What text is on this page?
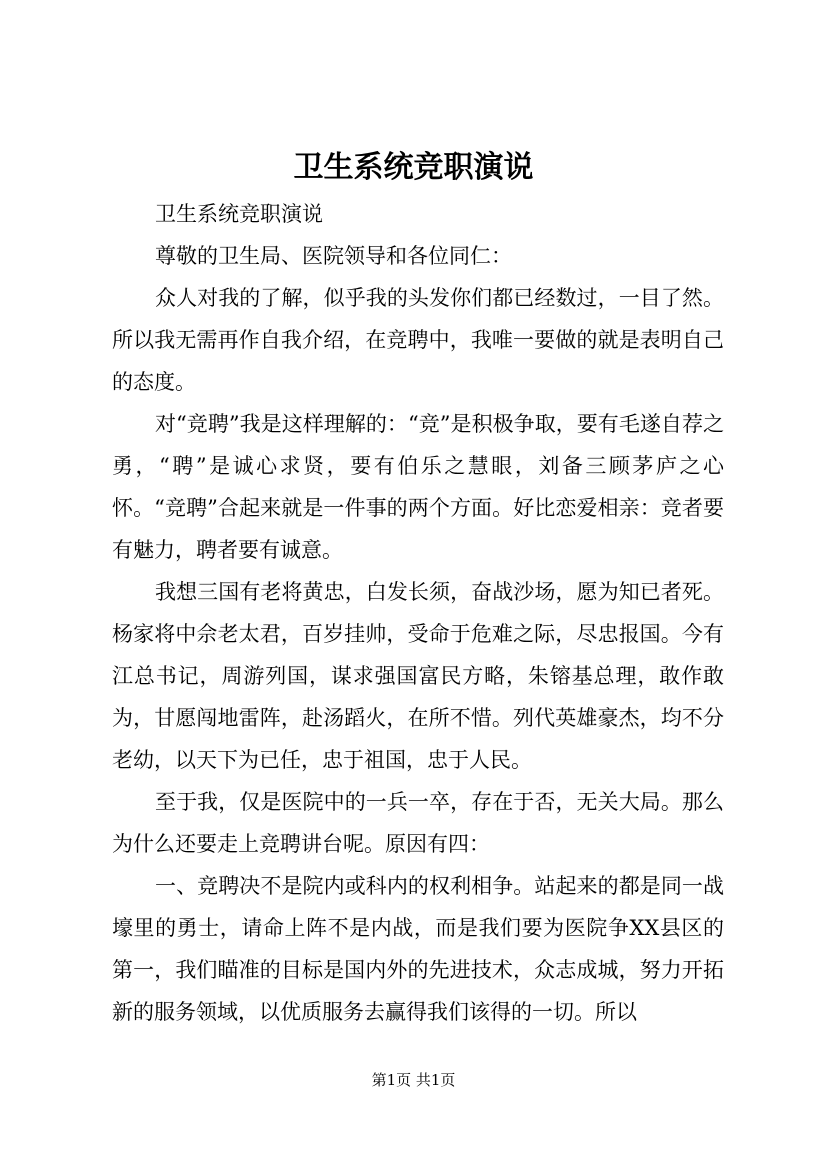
卫生系统竞职演说

卫生系统竞职演说

尊敬的卫生局、医院领导和各位同仁：

众人对我的了解，似乎我的头发你们都已经数过，一目了然。所以我无需再作自我介绍，在竞聘中，我唯一要做的就是表明自己的态度。

对“竞聘”我是这样理解的：“竞”是积极争取，要有毛遂自荐之勇，“聘”是诚心求贤，要有伯乐之慧眼，刘备三顾茅庐之心怀。“竞聘”合起来就是一件事的两个方面。好比恋爱相亲：竞者要有魅力，聘者要有诚意。

我想三国有老将黄忠，白发长须，奋战沙场，愿为知已者死。杨家将中佘老太君，百岁挂帅，受命于危难之际，尽忠报国。今有江总书记，周游列国，谋求强国富民方略，朱镕基总理，敢作敢为，甘愿闯地雷阵，赴汤蹈火，在所不惜。列代英雄豪杰，均不分老幼，以天下为已任，忠于祖国，忠于人民。

至于我，仅是医院中的一兵一卒，存在于否，无关大局。那么为什么还要走上竞聘讲台呢。原因有四：

一、竞聘决不是院内或科内的权利相争。站起来的都是同一战壕里的勇士，请命上阵不是内战，而是我们要为医院争XX县区的第一，我们瞄准的目标是国内外的先进技术，众志成城，努力开拓新的服务领域，以优质服务去赢得我们该得的一切。所以

第1页 共1页
